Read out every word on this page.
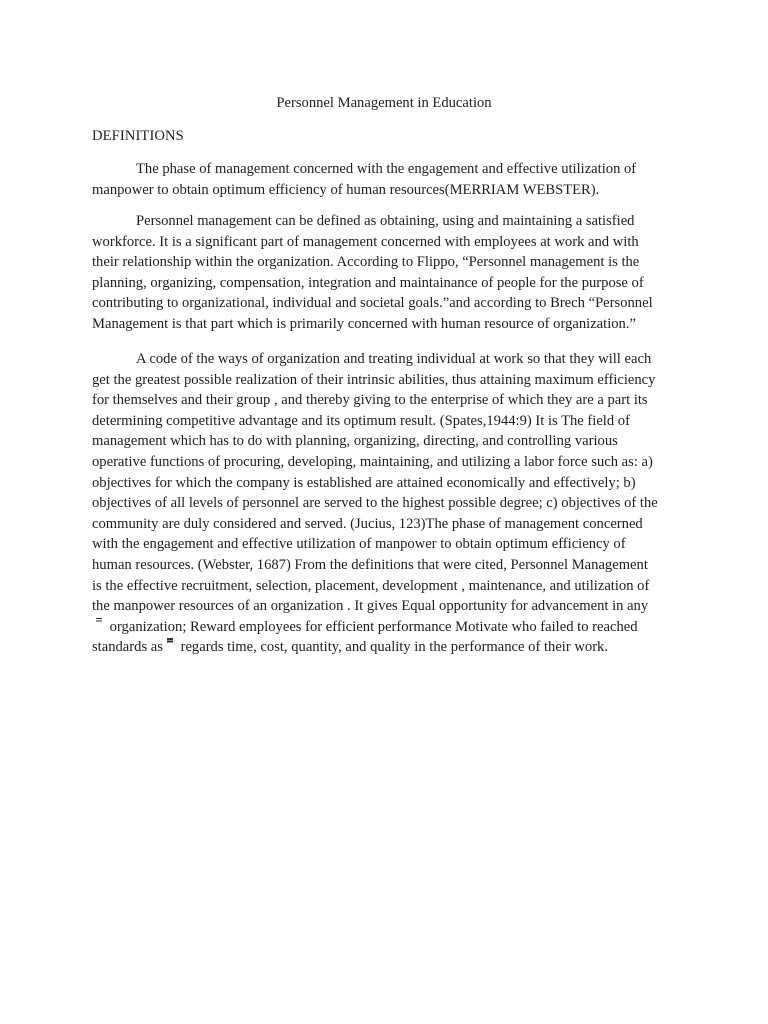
Personnel Management in Education
DEFINITIONS
The phase of management concerned with the engagement and effective utilization of
manpower to obtain optimum efficiency of human resources(MERRIAM WEBSTER).
Personnel management can be defined as obtaining, using and maintaining a satisfied
workforce. It is a significant part of management concerned with employees at work and with
their relationship within the organization. According to Flippo, “Personnel management is the
planning, organizing, compensation, integration and maintainance of people for the purpose of
contributing to organizational, individual and societal goals.”and according to Brech “Personnel
Management is that part which is primarily concerned with human resource of organization.”
A code of the ways of organization and treating individual at work so that they will each
get the greatest possible realization of their intrinsic abilities, thus attaining maximum efficiency
for themselves and their group , and thereby giving to the enterprise of which they are a part its
determining competitive advantage and its optimum result. (Spates,1944:9) It is The field of
management which has to do with planning, organizing, directing, and controlling various
operative functions of procuring, developing, maintaining, and utilizing a labor force such as: a)
objectives for which the company is established are attained economically and effectively; b)
objectives of all levels of personnel are served to the highest possible degree; c) objectives of the
community are duly considered and served. (Jucius, 123)The phase of management concerned
with the engagement and effective utilization of manpower to obtain optimum efficiency of
human resources. (Webster, 1687) From the definitions that were cited, Personnel Management
is the effective recruitment, selection, placement, development , maintenance, and utilization of
the manpower resources of an organization . It gives Equal opportunity for advancement in any
organization; Reward employees for efficient performance Motivate who failed to reached
standards as regards time, cost, quantity, and quality in the performance of their work.
